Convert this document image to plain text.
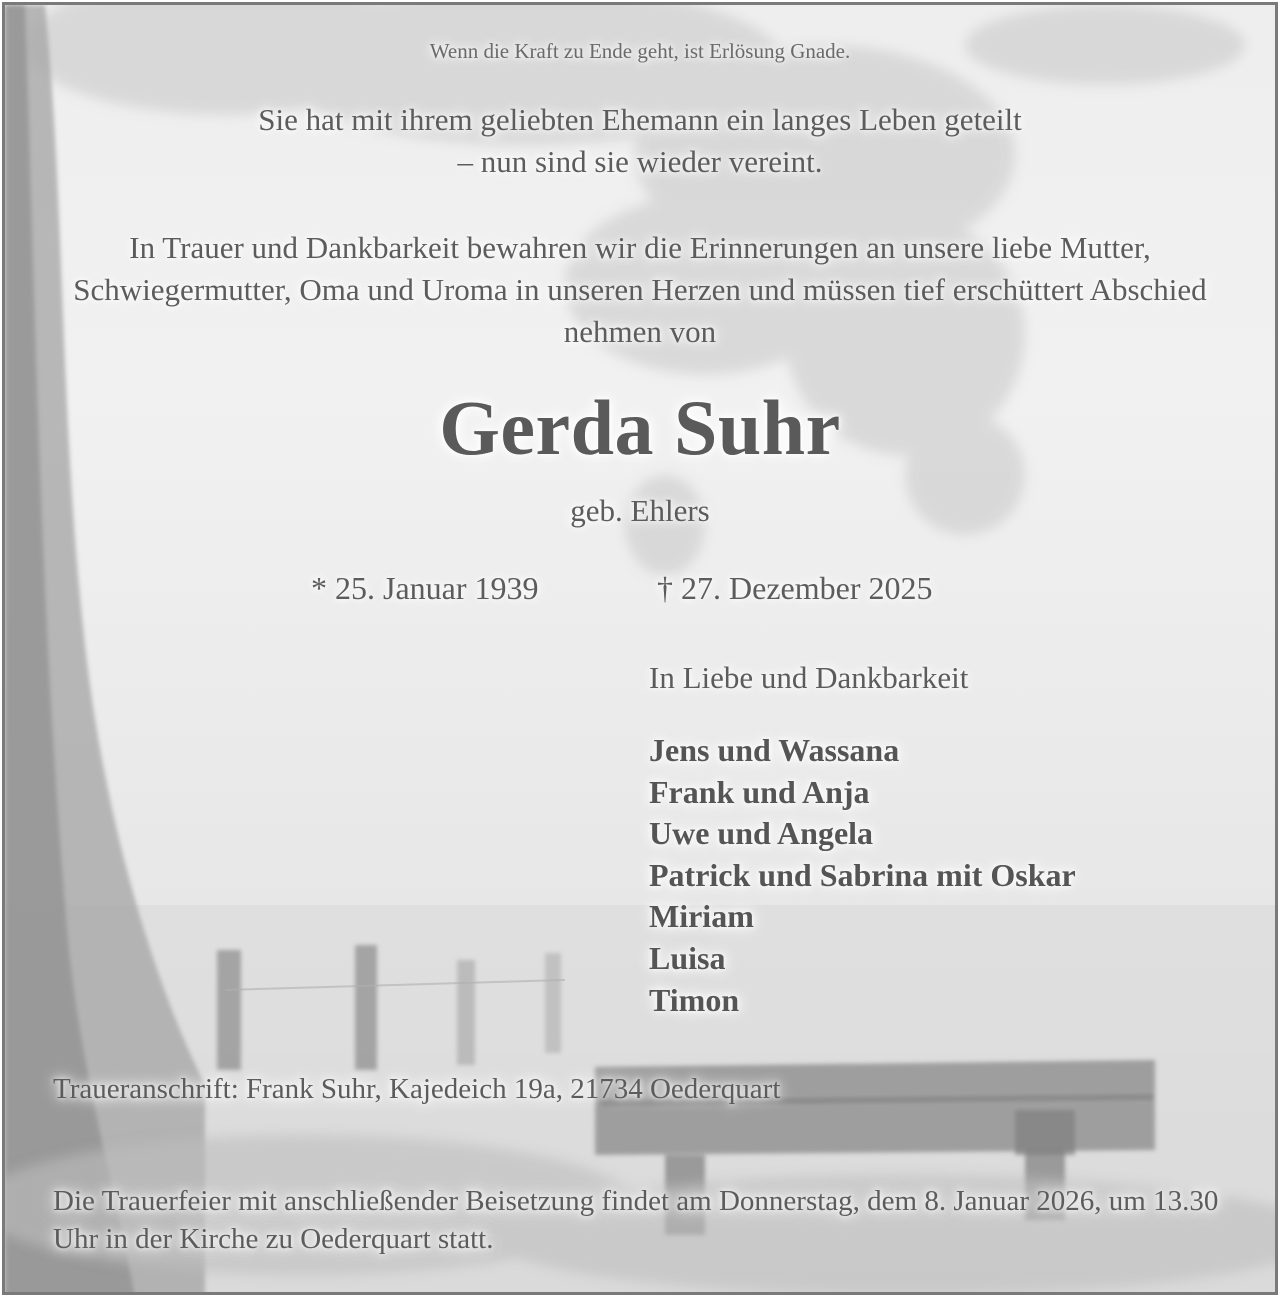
Wenn die Kraft zu Ende geht, ist Erlösung Gnade.
Sie hat mit ihrem geliebten Ehemann ein langes Leben geteilt
– nun sind sie wieder vereint.
In Trauer und Dankbarkeit bewahren wir die Erinnerungen an unsere liebe Mutter, Schwiegermutter, Oma und Uroma in unseren Herzen und müssen tief erschüttert Abschied nehmen von
Gerda Suhr
geb. Ehlers
* 25. Januar 1939	† 27. Dezember 2025
In Liebe und Dankbarkeit
Jens und Wassana
Frank und Anja
Uwe und Angela
Patrick und Sabrina mit Oskar
Miriam
Luisa
Timon
Traueranschrift: Frank Suhr, Kajedeich 19a, 21734 Oederquart
Die Trauerfeier mit anschließender Beisetzung findet am Donnerstag, dem 8. Januar 2026, um 13.30 Uhr in der Kirche zu Oederquart statt.
